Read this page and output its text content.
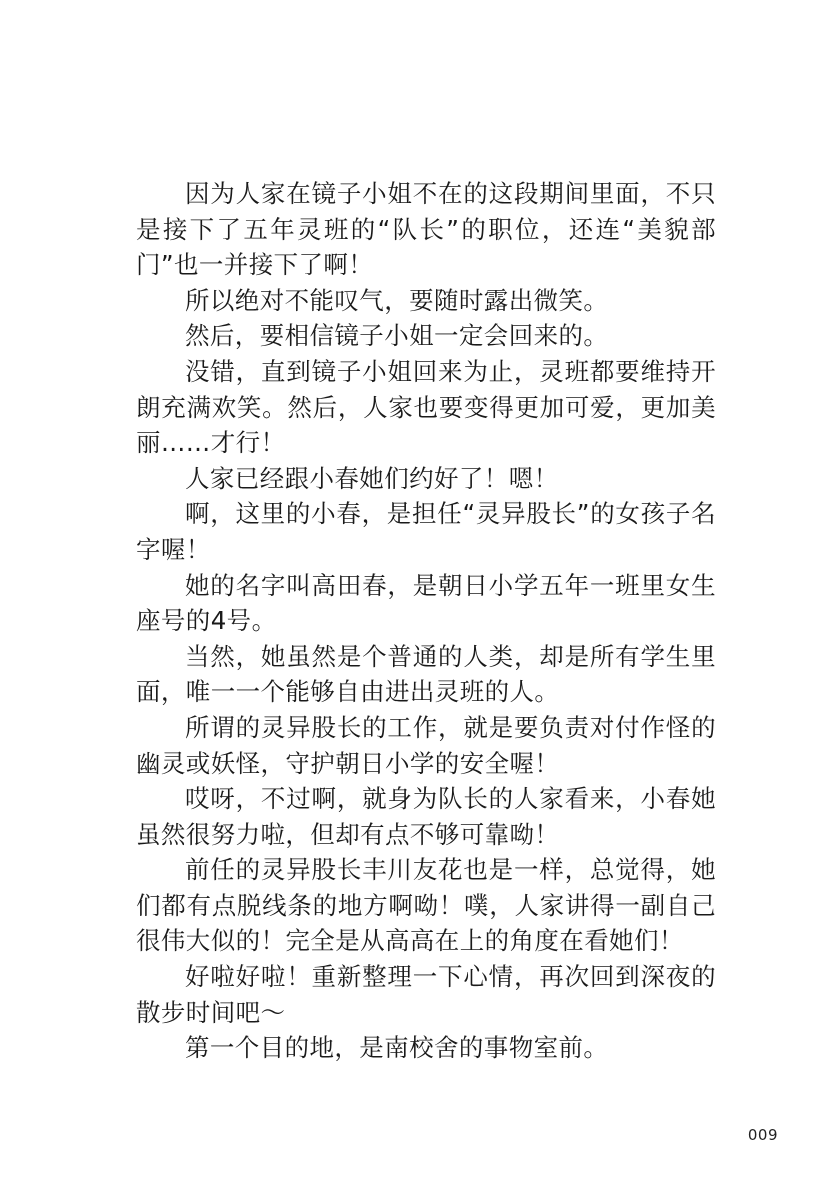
因为人家在镜子小姐不在的这段期间里面，不只是接下了五年灵班的“队长”的职位，还连“美貌部门”也一并接下了啊！

所以绝对不能叹气，要随时露出微笑。

然后，要相信镜子小姐一定会回来的。

没错，直到镜子小姐回来为止，灵班都要维持开朗充满欢笑。然后，人家也要变得更加可爱，更加美丽……才行！

人家已经跟小春她们约好了！嗯！

啊，这里的小春，是担任“灵异股长”的女孩子名字喔！

她的名字叫高田春，是朝日小学五年一班里女生座号的4号。

当然，她虽然是个普通的人类，却是所有学生里面，唯一一个能够自由进出灵班的人。

所谓的灵异股长的工作，就是要负责对付作怪的幽灵或妖怪，守护朝日小学的安全喔！

哎呀，不过啊，就身为队长的人家看来，小春她虽然很努力啦，但却有点不够可靠呦！

前任的灵异股长丰川友花也是一样，总觉得，她们都有点脱线条的地方啊呦！噗，人家讲得一副自己很伟大似的！完全是从高高在上的角度在看她们！

好啦好啦！重新整理一下心情，再次回到深夜的散步时间吧～

第一个目的地，是南校舍的事物室前。

009
